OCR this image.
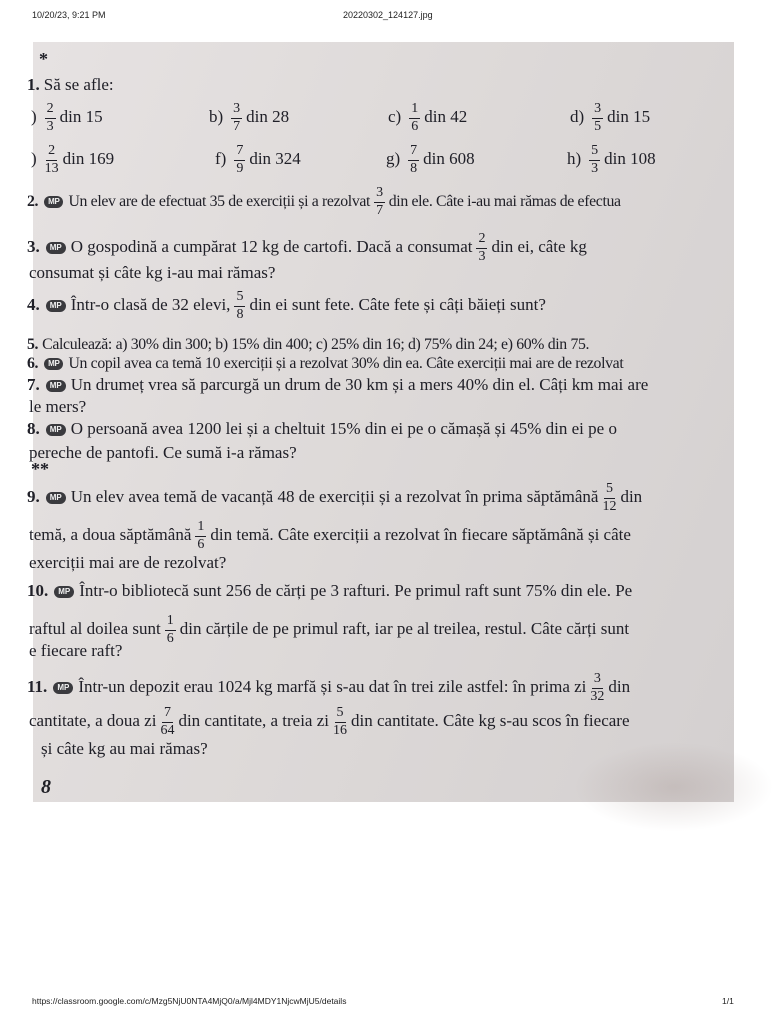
10/20/23, 9:21 PM	20220302_124127.jpg
*
1. Să se afle:
) $\frac{2}{3}$ din 15	$b) \frac{3}{7}$ din 28	$c) \frac{1}{6}$ din 42	$d) \frac{3}{5}$ din 15
) $\frac{2}{13}$ din 169	$f) \frac{7}{9}$ din 324	$g) \frac{7}{8}$ din 608	$h) \frac{5}{3}$ din 108
2. MP Un elev are de efectuat 35 de exerciții și a rezolvat $\frac{3}{7}$ din ele. Câte i-au mai rămas de efectua
3. MP O gospodină a cumpărat 12 kg de cartofi. Dacă a consumat $\frac{2}{3}$ din ei, câte kg
consumat și câte kg i-au mai rămas?
4. MP Într-o clasă de 32 elevi, $\frac{5}{8}$ din ei sunt fete. Câte fete și câți băieți sunt?
5. Calculează: a) 30% din 300; b) 15% din 400; c) 25% din 16; d) 75% din 24; e) 60% din 75.
6. MP Un copil avea ca temă 10 exerciții și a rezolvat 30% din ea. Câte exerciții mai are de rezolvat
7. MP Un drumeț vrea să parcurgă un drum de 30 km și a mers 40% din el. Câți km mai are
le mers?
8. MP O persoană avea 1200 lei și a cheltuit 15% din ei pe o cămașă și 45% din ei pe o
pereche de pantofi. Ce sumă i-a rămas?
**
9. MP Un elev avea temă de vacanță 48 de exerciții și a rezolvat în prima săptămână $\frac{5}{12}$ din
temă, a doua săptămână $\frac{1}{6}$ din temă. Câte exerciții a rezolvat în fiecare săptămână și câte
exerciții mai are de rezolvat?
10. MP Într-o bibliotecă sunt 256 de cărți pe 3 rafturi. Pe primul raft sunt 75% din ele. Pe
raftul al doilea sunt $\frac{1}{6}$ din cărțile de pe primul raft, iar pe al treilea, restul. Câte cărți sunt
e fiecare raft?
11. MP Într-un depozit erau 1024 kg marfă și s-au dat în trei zile astfel: în prima zi $\frac{3}{32}$ din
cantitate, a doua zi $\frac{7}{64}$ din cantitate, a treia zi $\frac{5}{16}$ din cantitate. Câte kg s-au scos în fiecare
și câte kg au mai rămas?
8
https://classroom.google.com/c/Mzg5NjU0NTA4MjQ0/a/Mjl4MDY1NjcwMjU5/details	1/1
